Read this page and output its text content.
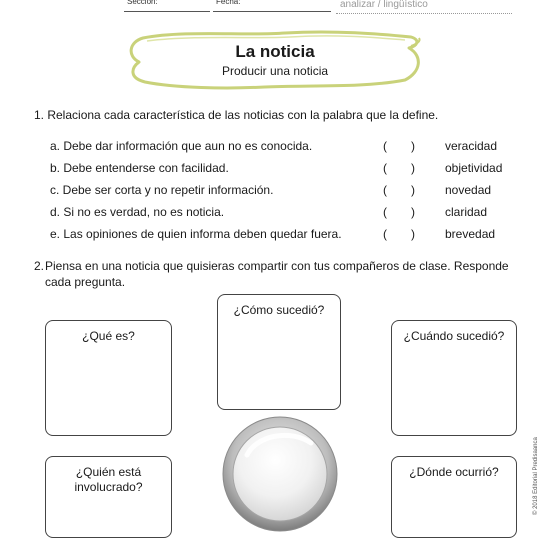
Sección:	Fecha:	analizar / lingüístico
La noticia
Producir una noticia
1. Relaciona cada característica de las noticias con la palabra que la define.
a. Debe dar información que aun no es conocida.	( )	veracidad
b. Debe entenderse con facilidad.	( )	objetividad
c. Debe ser corta y no repetir información.	( )	novedad
d. Si no es verdad, no es noticia.	( )	claridad
e. Las opiniones de quien informa deben quedar fuera.	( )	brevedad
2. Piensa en una noticia que quisieras compartir con tus compañeros de clase. Responde cada pregunta.
¿Cómo sucedió?
¿Qué es?	¿Cuándo sucedió?
¿Quién está involucrado?
¿Dónde ocurrió?	© 2018 Editorial Predisaanca
